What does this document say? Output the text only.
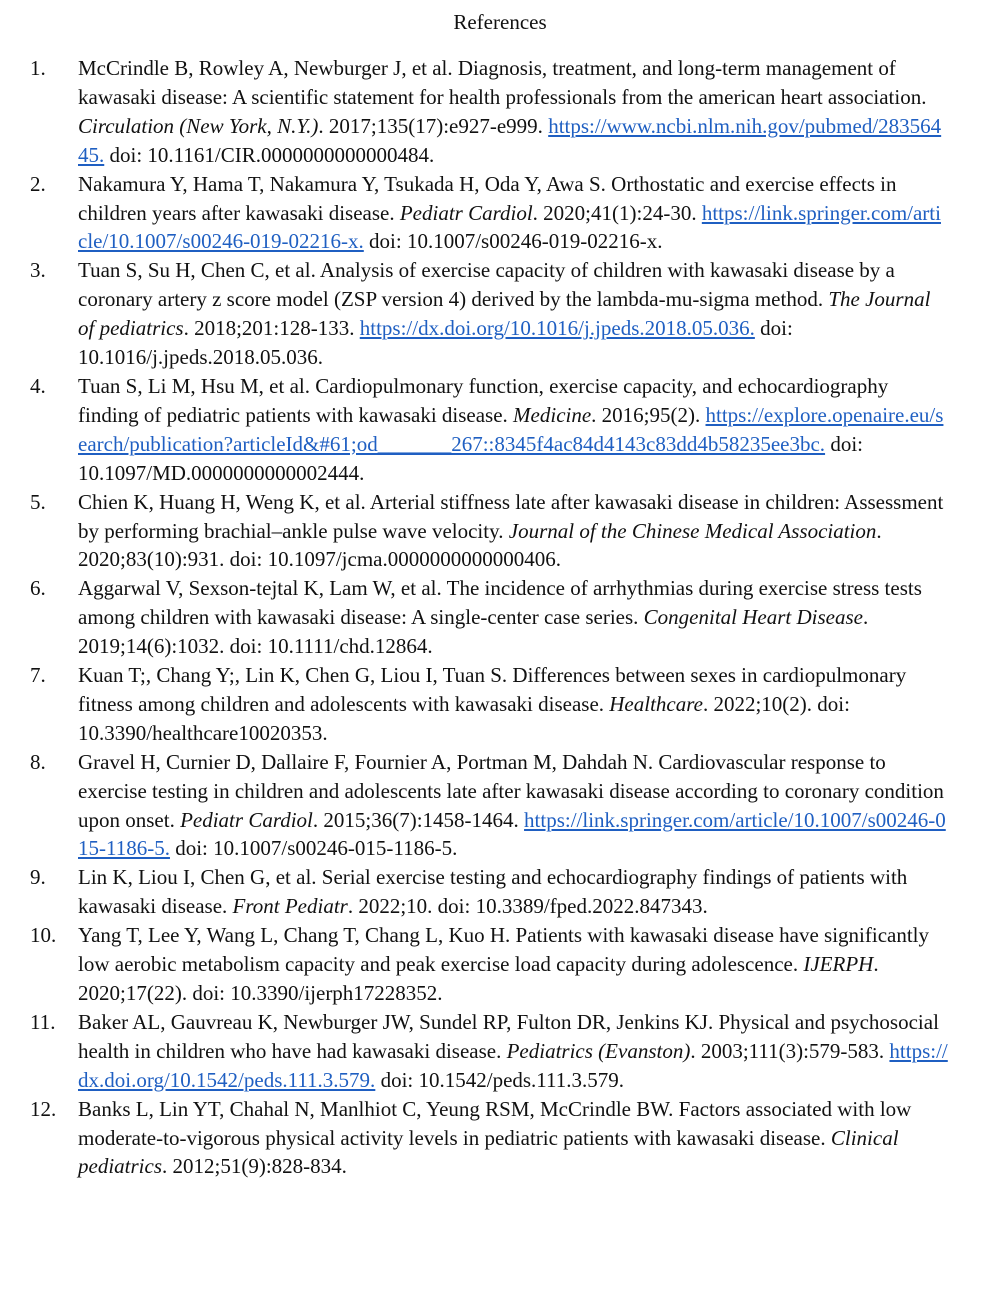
References
1.	McCrindle B, Rowley A, Newburger J, et al. Diagnosis, treatment, and long-term management of kawasaki disease: A scientific statement for health professionals from the american heart association. Circulation (New York, N.Y.). 2017;135(17):e927-e999. https://www.ncbi.nlm.nih.gov/pubmed/28356445. doi: 10.1161/CIR.0000000000000484.
2.	Nakamura Y, Hama T, Nakamura Y, Tsukada H, Oda Y, Awa S. Orthostatic and exercise effects in children years after kawasaki disease. Pediatr Cardiol. 2020;41(1):24-30. https://link.springer.com/article/10.1007/s00246-019-02216-x. doi: 10.1007/s00246-019-02216-x.
3.	Tuan S, Su H, Chen C, et al. Analysis of exercise capacity of children with kawasaki disease by a coronary artery z score model (ZSP version 4) derived by the lambda-mu-sigma method. The Journal of pediatrics. 2018;201:128-133. https://dx.doi.org/10.1016/j.jpeds.2018.05.036. doi: 10.1016/j.jpeds.2018.05.036.
4.	Tuan S, Li M, Hsu M, et al. Cardiopulmonary function, exercise capacity, and echocardiography finding of pediatric patients with kawasaki disease. Medicine. 2016;95(2). https://explore.openaire.eu/search/publication?articleId&#61;od_______267::8345f4ac84d4143c83dd4b58235ee3bc. doi: 10.1097/MD.0000000000002444.
5.	Chien K, Huang H, Weng K, et al. Arterial stiffness late after kawasaki disease in children: Assessment by performing brachial–ankle pulse wave velocity. Journal of the Chinese Medical Association. 2020;83(10):931. doi: 10.1097/jcma.0000000000000406.
6.	Aggarwal V, Sexson-tejtal K, Lam W, et al. The incidence of arrhythmias during exercise stress tests among children with kawasaki disease: A single-center case series. Congenital Heart Disease. 2019;14(6):1032. doi: 10.1111/chd.12864.
7.	Kuan T;, Chang Y;, Lin K, Chen G, Liou I, Tuan S. Differences between sexes in cardiopulmonary fitness among children and adolescents with kawasaki disease. Healthcare. 2022;10(2). doi: 10.3390/healthcare10020353.
8.	Gravel H, Curnier D, Dallaire F, Fournier A, Portman M, Dahdah N. Cardiovascular response to exercise testing in children and adolescents late after kawasaki disease according to coronary condition upon onset. Pediatr Cardiol. 2015;36(7):1458-1464. https://link.springer.com/article/10.1007/s00246-015-1186-5. doi: 10.1007/s00246-015-1186-5.
9.	Lin K, Liou I, Chen G, et al. Serial exercise testing and echocardiography findings of patients with kawasaki disease. Front Pediatr. 2022;10. doi: 10.3389/fped.2022.847343.
10.	Yang T, Lee Y, Wang L, Chang T, Chang L, Kuo H. Patients with kawasaki disease have significantly low aerobic metabolism capacity and peak exercise load capacity during adolescence. IJERPH. 2020;17(22). doi: 10.3390/ijerph17228352.
11.	Baker AL, Gauvreau K, Newburger JW, Sundel RP, Fulton DR, Jenkins KJ. Physical and psychosocial health in children who have had kawasaki disease. Pediatrics (Evanston). 2003;111(3):579-583. https://dx.doi.org/10.1542/peds.111.3.579. doi: 10.1542/peds.111.3.579.
12.	Banks L, Lin YT, Chahal N, Manlhiot C, Yeung RSM, McCrindle BW. Factors associated with low moderate-to-vigorous physical activity levels in pediatric patients with kawasaki disease. Clinical pediatrics. 2012;51(9):828-834.
